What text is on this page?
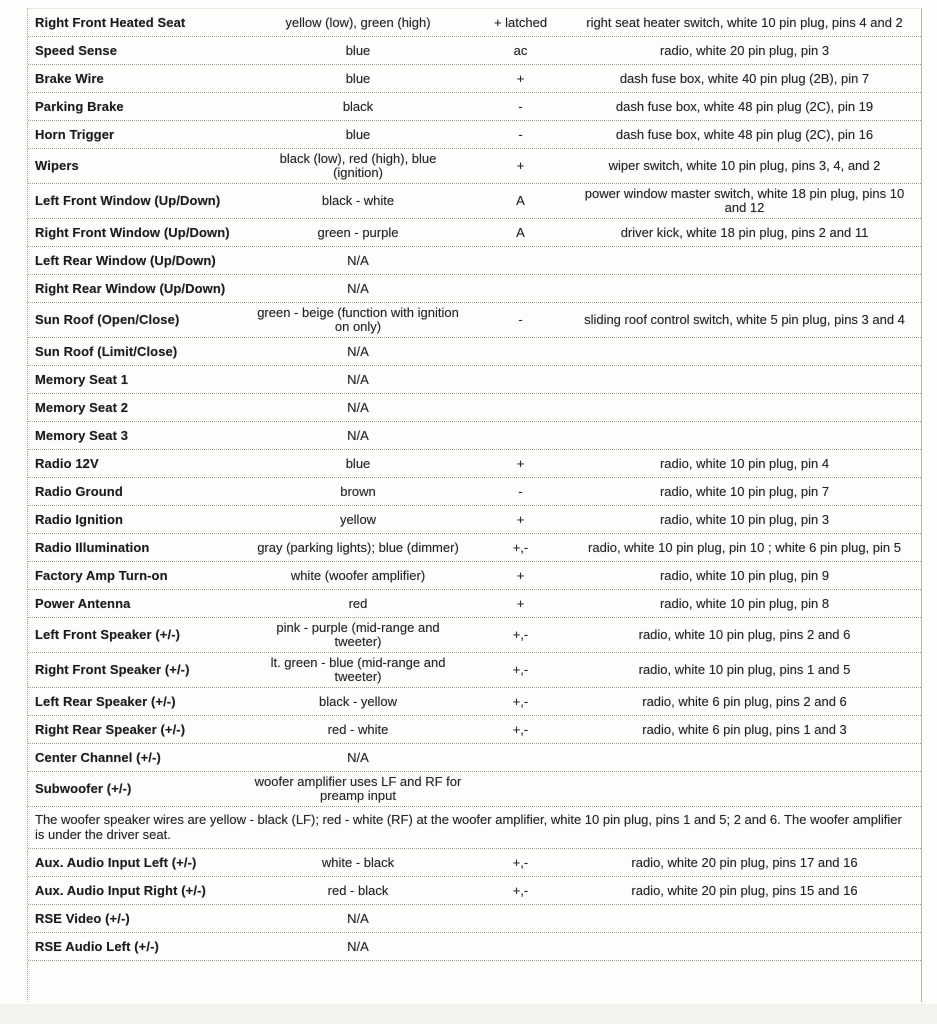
Right Front Heated Seat	yellow (low), green (high)	+ latched	right seat heater switch, white 10 pin plug, pins 4 and 2
Speed Sense	blue	ac	radio, white 20 pin plug, pin 3
Brake Wire	blue	+	dash fuse box, white 40 pin plug (2B), pin 7
Parking Brake	black	-	dash fuse box, white 48 pin plug (2C), pin 19
Horn Trigger	blue	-	dash fuse box, white 48 pin plug (2C), pin 16
Wipers	black (low), red (high), blue (ignition)	+	wiper switch, white 10 pin plug, pins 3, 4, and 2
Left Front Window (Up/Down)	black - white	A	power window master switch, white 18 pin plug, pins 10 and 12
Right Front Window (Up/Down)	green - purple	A	driver kick, white 18 pin plug, pins 2 and 11
Left Rear Window (Up/Down)	N/A
Right Rear Window (Up/Down)	N/A
Sun Roof (Open/Close)	green - beige (function with ignition on only)	-	sliding roof control switch, white 5 pin plug, pins 3 and 4
Sun Roof (Limit/Close)	N/A
Memory Seat 1	N/A
Memory Seat 2	N/A
Memory Seat 3	N/A
Radio 12V	blue	+	radio, white 10 pin plug, pin 4
Radio Ground	brown	-	radio, white 10 pin plug, pin 7
Radio Ignition	yellow	+	radio, white 10 pin plug, pin 3
Radio Illumination	gray (parking lights); blue (dimmer)	+,-	radio, white 10 pin plug, pin 10 ; white 6 pin plug, pin 5
Factory Amp Turn-on	white (woofer amplifier)	+	radio, white 10 pin plug, pin 9
Power Antenna	red	+	radio, white 10 pin plug, pin 8
Left Front Speaker (+/-)	pink - purple (mid-range and tweeter)	+,-	radio, white 10 pin plug, pins 2 and 6
Right Front Speaker (+/-)	lt. green - blue (mid-range and tweeter)	+,-	radio, white 10 pin plug, pins 1 and 5
Left Rear Speaker (+/-)	black - yellow	+,-	radio, white 6 pin plug, pins 2 and 6
Right Rear Speaker (+/-)	red - white	+,-	radio, white 6 pin plug, pins 1 and 3
Center Channel (+/-)	N/A
Subwoofer (+/-)	woofer amplifier uses LF and RF for preamp input
The woofer speaker wires are yellow - black (LF); red - white (RF) at the woofer amplifier, white 10 pin plug, pins 1 and 5; 2 and 6. The woofer amplifier is under the driver seat.
Aux. Audio Input Left (+/-)	white - black	+,-	radio, white 20 pin plug, pins 17 and 16
Aux. Audio Input Right (+/-)	red - black	+,-	radio, white 20 pin plug, pins 15 and 16
RSE Video (+/-)	N/A
RSE Audio Left (+/-)	N/A
